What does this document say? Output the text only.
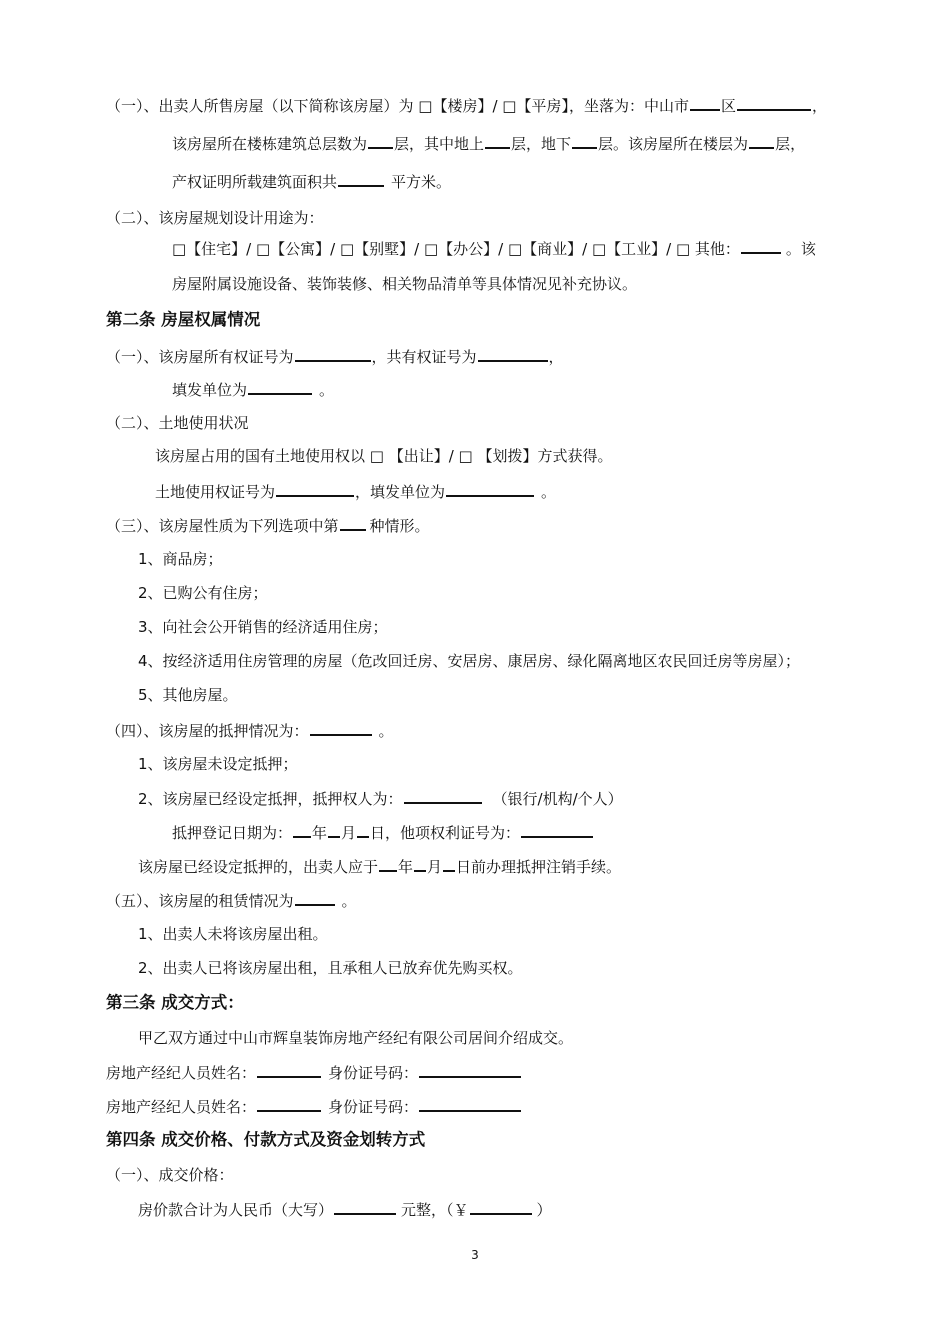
（一）、出卖人所售房屋（以下简称该房屋）为 □【楼房】/ □【平房】，坐落为：中山市 区	，
该房屋所在楼栋建筑总层数为 层，其中地上 层，地下 层。该房屋所在楼层为 层，
产权证明所载建筑面积共	平方米。
（二）、该房屋规划设计用途为：
□【住宅】/ □【公寓】/ □【别墅】/ □【办公】/ □【商业】/ □【工业】/ □ 其他：	。该
房屋附属设施设备、装饰装修、相关物品清单等具体情况见补充协议。
第二条 房屋权属情况
（一）、该房屋所有权证号为	，共有权证号为	，
填发单位为	。
（二）、土地使用状况
该房屋占用的国有土地使用权以 □ 【出让】/ □ 【划拨】方式获得。
土地使用权证号为	，填发单位为	。
（三）、该房屋性质为下列选项中第 种情形。
1、商品房；
2、已购公有住房；
3、向社会公开销售的经济适用住房；
4、按经济适用住房管理的房屋（危改回迁房、安居房、康居房、绿化隔离地区农民回迁房等房屋）；
5、其他房屋。
（四）、该房屋的抵押情况为：	。
1、该房屋未设定抵押；
2、该房屋已经设定抵押，抵押权人为：	（银行/机构/个人）
抵押登记日期为： 年 月 日，他项权利证号为：
该房屋已经设定抵押的，出卖人应于 年 月 日前办理抵押注销手续。
（五）、该房屋的租赁情况为	。
1、出卖人未将该房屋出租。
2、出卖人已将该房屋出租，且承租人已放弃优先购买权。
第三条 成交方式：
甲乙双方通过中山市辉皇装饰房地产经纪有限公司居间介绍成交。
房地产经纪人员姓名：	身份证号码：
房地产经纪人员姓名：	身份证号码：
第四条 成交价格、付款方式及资金划转方式
（一）、成交价格：
房价款合计为人民币（大写）	元整，（￥	）
3
